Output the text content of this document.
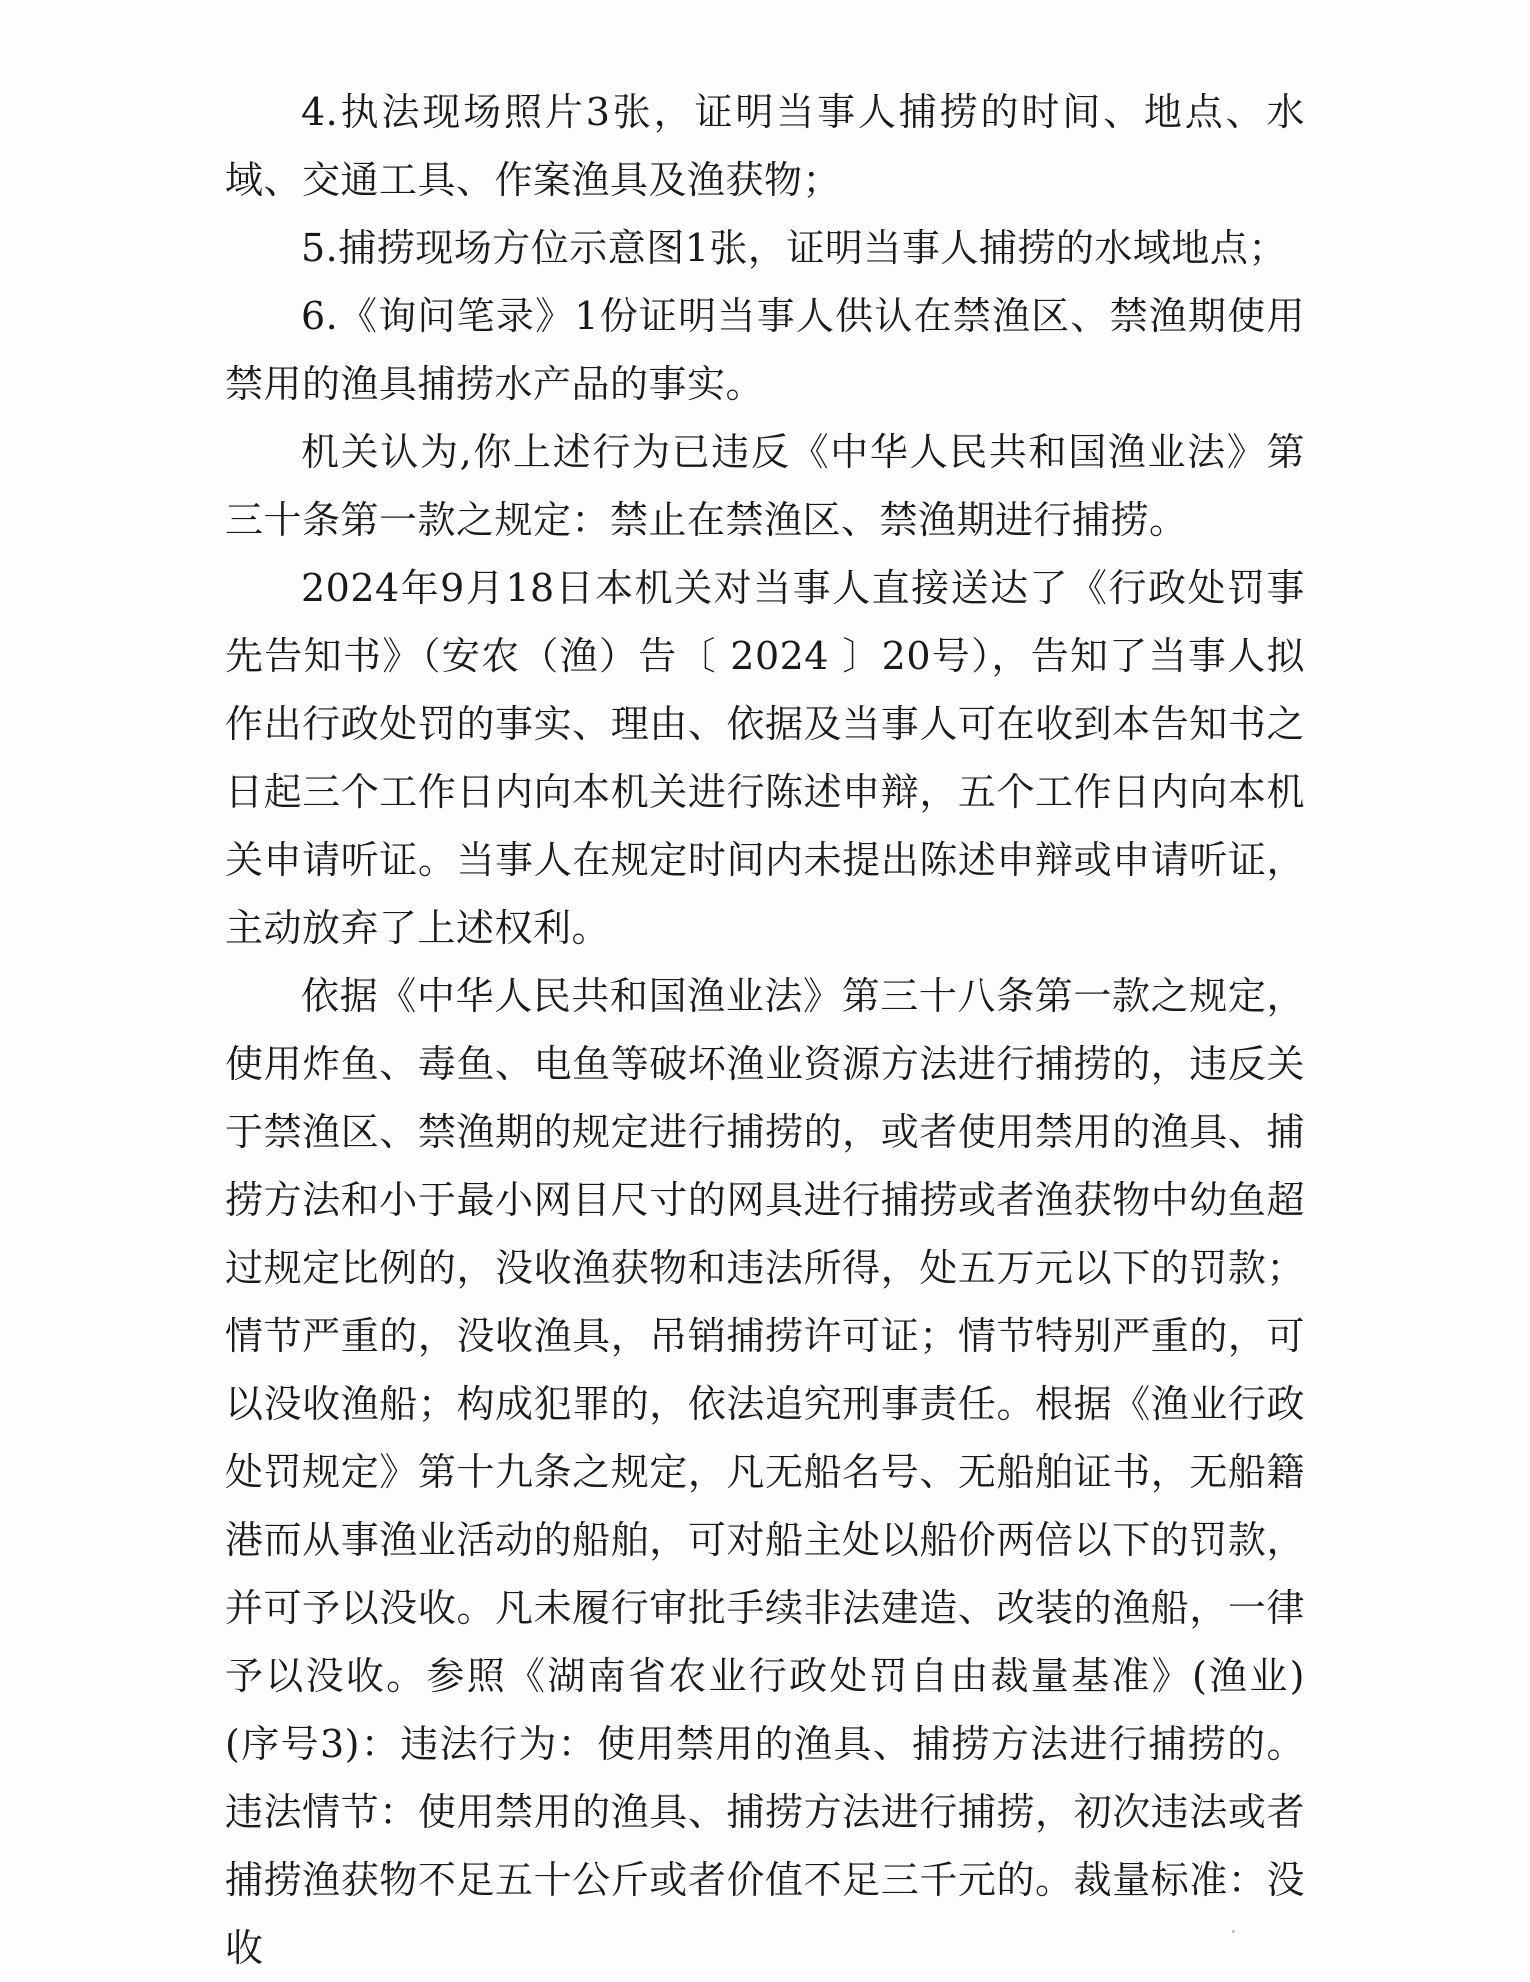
4.执法现场照片3张，证明当事人捕捞的时间、地点、水域、交通工具、作案渔具及渔获物；

5.捕捞现场方位示意图1张，证明当事人捕捞的水域地点；

6.《询问笔录》1份证明当事人供认在禁渔区、禁渔期使用禁用的渔具捕捞水产品的事实。

机关认为,你上述行为已违反《中华人民共和国渔业法》第三十条第一款之规定：禁止在禁渔区、禁渔期进行捕捞。

2024年9月18日本机关对当事人直接送达了《行政处罚事先告知书》（安农（渔）告〔 2024 〕20号），告知了当事人拟作出行政处罚的事实、理由、依据及当事人可在收到本告知书之日起三个工作日内向本机关进行陈述申辩，五个工作日内向本机关申请听证。当事人在规定时间内未提出陈述申辩或申请听证，主动放弃了上述权利。

依据《中华人民共和国渔业法》第三十八条第一款之规定，使用炸鱼、毒鱼、电鱼等破坏渔业资源方法进行捕捞的，违反关于禁渔区、禁渔期的规定进行捕捞的，或者使用禁用的渔具、捕捞方法和小于最小网目尺寸的网具进行捕捞或者渔获物中幼鱼超过规定比例的，没收渔获物和违法所得，处五万元以下的罚款；情节严重的，没收渔具，吊销捕捞许可证；情节特别严重的，可以没收渔船；构成犯罪的，依法追究刑事责任。根据《渔业行政处罚规定》第十九条之规定，凡无船名号、无船舶证书，无船籍港而从事渔业活动的船舶，可对船主处以船价两倍以下的罚款，并可予以没收。凡未履行审批手续非法建造、改装的渔船，一律予以没收。参照《湖南省农业行政处罚自由裁量基准》(渔业)(序号3)：违法行为：使用禁用的渔具、捕捞方法进行捕捞的。违法情节：使用禁用的渔具、捕捞方法进行捕捞，初次违法或者捕捞渔获物不足五十公斤或者价值不足三千元的。裁量标准：没收
